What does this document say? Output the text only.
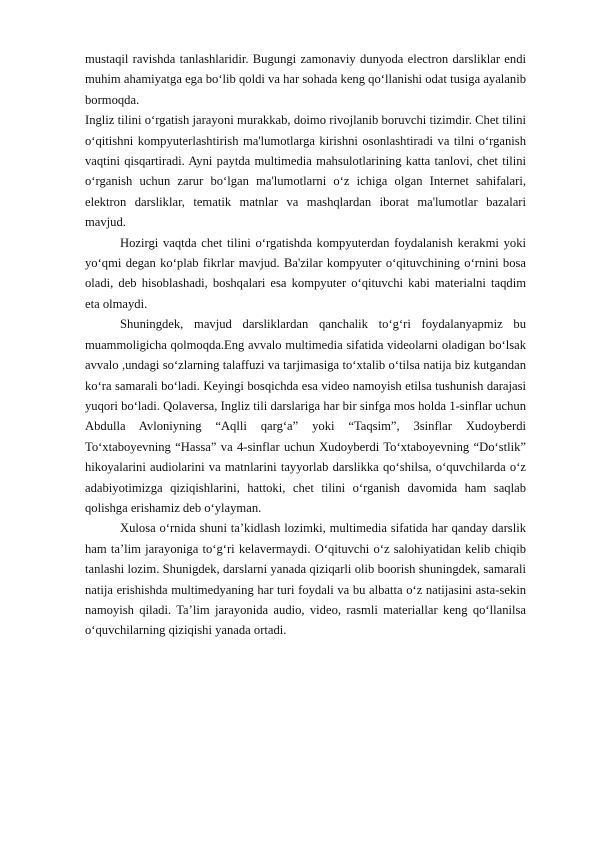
mustaqil ravishda tanlashlaridir. Bugungi zamonaviy dunyoda electron darsliklar endi muhim ahamiyatga ega bo‘lib qoldi va har sohada keng qo‘llanishi odat tusiga ayalanib bormoqda.

Ingliz tilini o‘rgatish jarayoni murakkab, doimo rivojlanib boruvchi tizimdir. Chet tilini o‘qitishni kompyuterlashtirish ma'lumotlarga kirishni osonlashtiradi va tilni o‘rganish vaqtini qisqartiradi. Ayni paytda multimedia mahsulotlarining katta tanlovi, chet tilini o‘rganish uchun zarur bo‘lgan ma'lumotlarni o‘z ichiga olgan Internet sahifalari, elektron darsliklar, tematik matnlar va mashqlardan iborat ma'lumotlar bazalari mavjud.

Hozirgi vaqtda chet tilini o‘rgatishda kompyuterdan foydalanish kerakmi yoki yo‘qmi degan ko‘plab fikrlar mavjud. Ba'zilar kompyuter o‘qituvchining o‘rnini bosa oladi, deb hisoblashadi, boshqalari esa kompyuter o‘qituvchi kabi materialni taqdim eta olmaydi.

Shuningdek, mavjud darsliklardan qanchalik to‘g‘ri foydalanyapmiz bu muammoligicha qolmoqda.Eng avvalo multimedia sifatida videolarni oladigan bo‘lsak avvalo ,undagi so‘zlarning talaffuzi va tarjimasiga to‘xtalib o‘tilsa natija biz kutgandan ko‘ra samarali bo‘ladi. Keyingi bosqichda esa video namoyish etilsa tushunish darajasi yuqori bo‘ladi. Qolaversa, Ingliz tili darslariga har bir sinfga mos holda 1-sinflar uchun Abdulla Avloniyning “Aqlli qarg‘a” yoki “Taqsim”, 3sinflar Xudoyberdi To‘xtaboyevning “Hassa” va 4-sinflar uchun Xudoyberdi To‘xtaboyevning “Do‘stlik” hikoyalarini audiolarini va matnlarini tayyorlab darslikka qo‘shilsa, o‘quvchilarda o‘z adabiyotimizga qiziqishlarini, hattoki, chet tilini o‘rganish davomida ham saqlab qolishga erishamiz deb o‘ylayman.

Xulosa o‘rnida shuni ta’kidlash lozimki, multimedia sifatida har qanday darslik ham ta’lim jarayoniga to‘g‘ri kelavermaydi. O‘qituvchi o‘z salohiyatidan kelib chiqib tanlashi lozim. Shunigdek, darslarni yanada qiziqarli olib boorish shuningdek, samarali natija erishishda multimedyaning har turi foydali va bu albatta o‘z natijasini asta-sekin namoyish qiladi. Ta’lim jarayonida audio, video, rasmli materiallar keng qo‘llanilsa o‘quvchilarning qiziqishi yanada ortadi.
